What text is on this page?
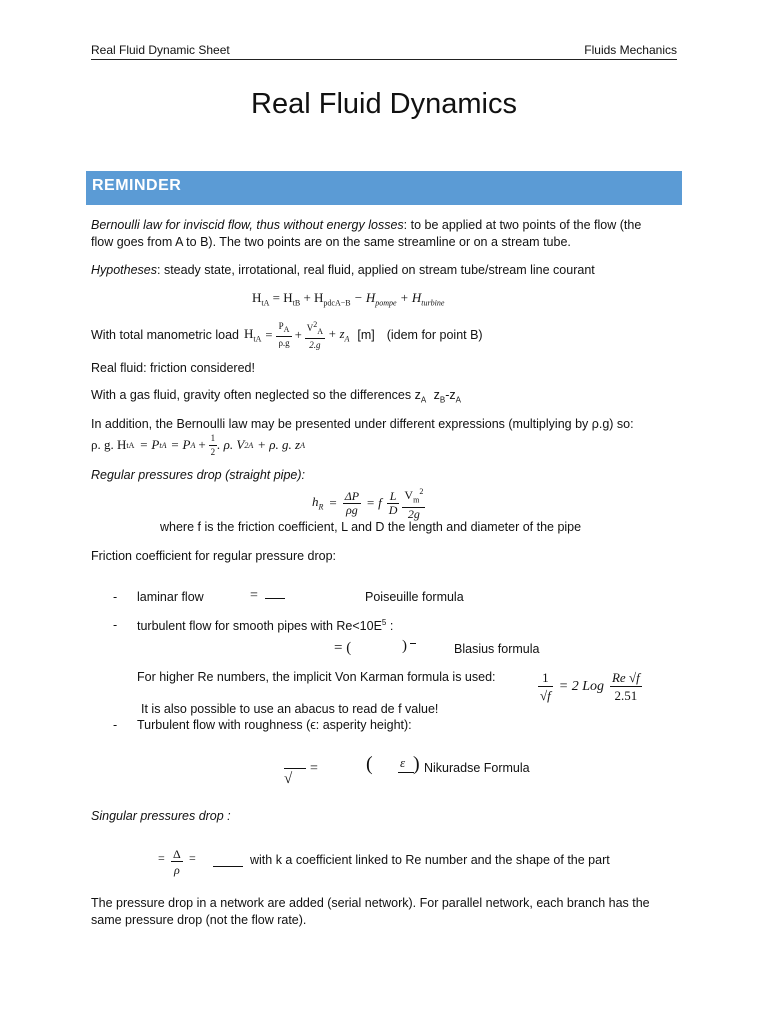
Real Fluid Dynamic Sheet	Fluids Mechanics
Real Fluid Dynamics
REMINDER
Bernoulli law for inviscid flow, thus without energy losses: to be applied at two points of the flow (the
flow goes from A to B). The two points are on the same streamline or on a stream tube.
Hypotheses: steady state, irrotational, real fluid, applied on stream tube/stream line courant
$H_{tA} = H_{tB} + H_{pdcA-B} - H_{pompe} + H_{turbine}$
With total manometric load $H_{tA} = \frac{P_A}{\rho.g} + \frac{V^2_A}{2.g} + z_A$ [m] (idem for point B)
Real fluid: friction considered!
With a gas fluid, gravity often neglected so the differences $z_A$ $z_B-z_A$
In addition, the Bernoulli law may be presented under different expressions (multiplying by ρ.g) so:
ρ. g. H tA = P tA = P $A + \frac{1}{2}$ . ρ. V 2 A + ρ. g. z A
Regular pressures drop (straight pipe):
$h_R = \frac{\Delta P}{\rho g} = f \frac{L}{D} \frac{V_m^2}{2g}$
where f is the friction coefficient, L and D the length and diameter of the pipe
Friction coefficient for regular pressure drop:
- laminar flow	=	Poiseuille formula
- turbulent flow for smooth pipes with $Re<10E^5$ :
= (	)	Blasius formula
For higher Re numbers, the implicit Von Karman formula is used:	$\frac{1}{√f} = 2$ Log $\frac{Re √f}{2.51}$
It is also possible to use an abacus to read de f value!
- Turbulent flow with roughness (ϵ: asperity height):
√
= ( ε ) Nikuradse Formula
Singular pressures drop :
= $\frac{\Delta}{\rho}$ =	with k a coefficient linked to Re number and the shape of the part
The pressure drop in a network are added (serial network). For parallel network, each branch has the
same pressure drop (not the flow rate).
